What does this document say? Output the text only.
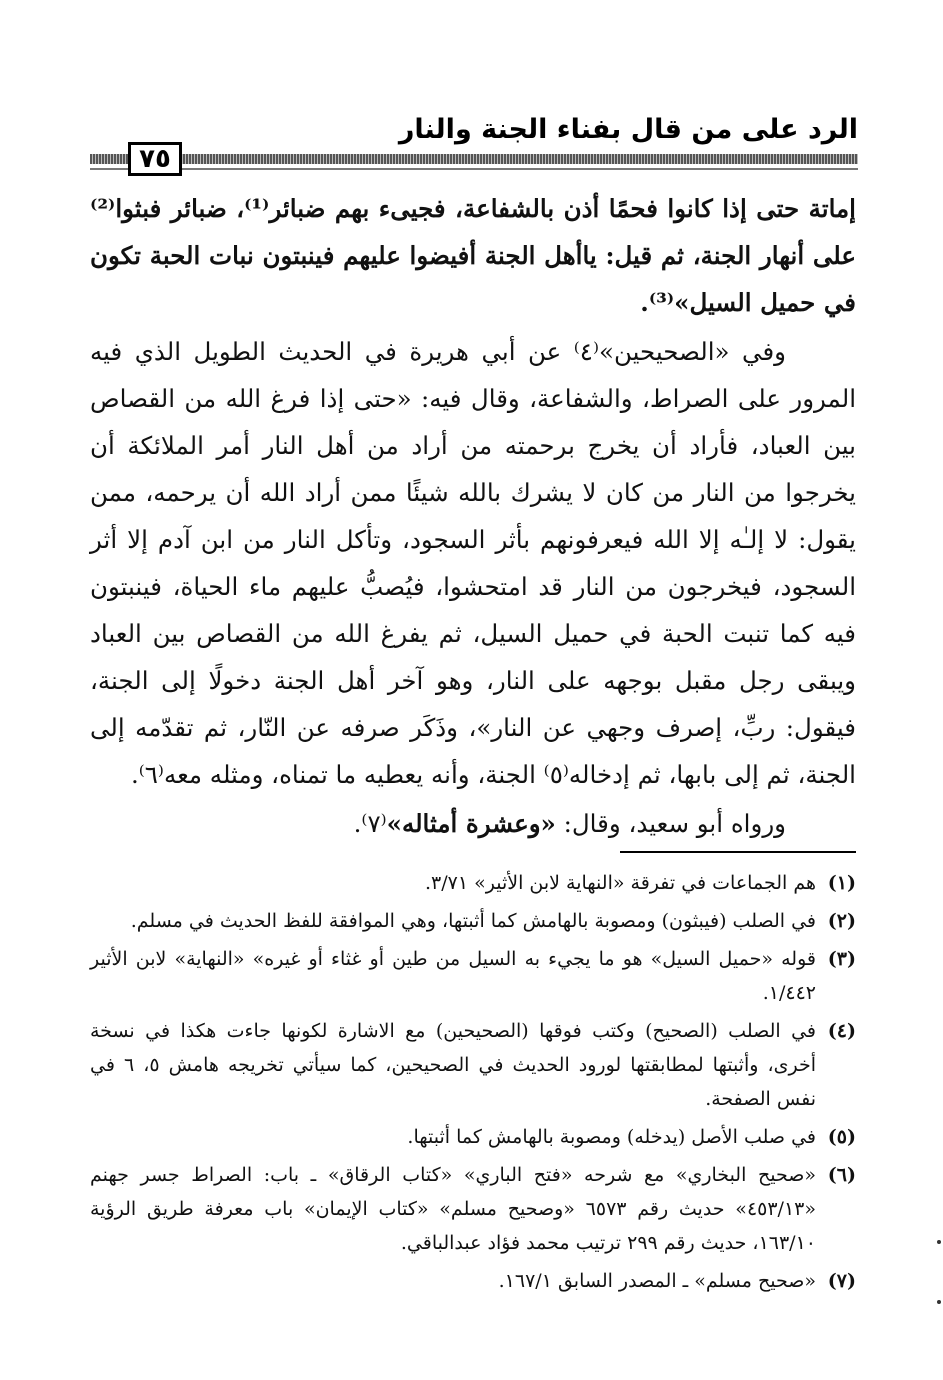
الرد على من قال بفناء الجنة والنار
٧٥

إماتة حتى إذا كانوا فحمًا أذن بالشفاعة، فجيىء بهم ضبائر⁽¹⁾، ضبائر فبثوا⁽²⁾ على أنهار الجنة، ثم قيل: ياأهل الجنة أفيضوا عليهم فينبتون نبات الحبة تكون في حميل السيل»⁽³⁾.

وفي «الصحيحين»⁽٤⁾ عن أبي هريرة في الحديث الطويل الذي فيه المرور على الصراط، والشفاعة، وقال فيه: «حتى إذا فرغ الله من القصاص بين العباد، فأراد أن يخرج برحمته من أراد من أهل النار أمر الملائكة أن يخرجوا من النار من كان لا يشرك بالله شيئًا ممن أراد الله أن يرحمه، ممن يقول: لا إلـٰه إلا الله فيعرفونهم بأثر السجود، وتأكل النار من ابن آدم إلا أثر السجود، فيخرجون من النار قد امتحشوا، فيُصبُّ عليهم ماء الحياة، فينبتون فيه كما تنبت الحبة في حميل السيل، ثم يفرغ الله من القصاص بين العباد ويبقى رجل مقبل بوجهه على النار، وهو آخر أهل الجنة دخولًا إلى الجنة، فيقول: ربِّ، إصرف وجهي عن النار»، وذَكَر صرفه عن النّار، ثم تقدّمه إلى الجنة، ثم إلى بابها، ثم إدخاله⁽٥⁾ الجنة، وأنه يعطيه ما تمناه، ومثله معه⁽٦⁾.

ورواه أبو سعيد، وقال: «وعشرة أمثاله»⁽٧⁾.

(١)
هم الجماعات في تفرقة «النهاية لابن الأثير» ٣/٧١.
(٢)
في الصلب (فيبثون) ومصوبة بالهامش كما أثبتها، وهي الموافقة للفظ الحديث في مسلم.
(٣)
قوله «حميل السيل» هو ما يجيء به السيل من طين أو غثاء أو غيره» «النهاية» لابن الأثير ١/٤٤٢.
(٤)
في الصلب (الصحيح) وكتب فوقها (الصحيحين) مع الاشارة لكونها جاءت هكذا في نسخة أخرى، وأثبتها لمطابقتها لورود الحديث في الصحيحين، كما سيأتي تخريجه هامش ٥، ٦ في نفس الصفحة.
(٥)
في صلب الأصل (يدخله) ومصوبة بالهامش كما أثبتها.
(٦)
«صحيح البخاري» مع شرحه «فتح الباري» «كتاب الرقاق» ـ باب: الصراط جسر جهنم «٤٥٣/١٣» حديث رقم ٦٥٧٣ «وصحيح مسلم» «كتاب الإيمان» باب معرفة طريق الرؤية ١٦٣/١٠، حديث رقم ٢٩٩ ترتيب محمد فؤاد عبدالباقي.
(٧)
«صحيح مسلم» ـ المصدر السابق ١٦٧/١.
